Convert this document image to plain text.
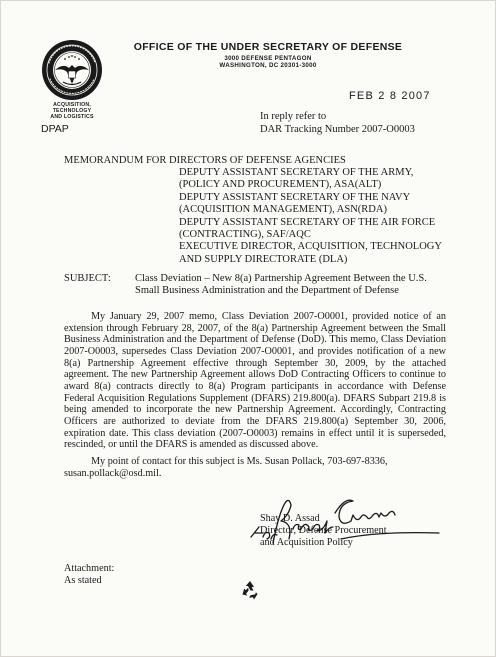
ACQUISITION,
TECHNOLOGY
AND LOGISTICS
DPAP
OFFICE OF THE UNDER SECRETARY OF DEFENSE
3000 DEFENSE PENTAGON
WASHINGTON, DC 20301-3000
FEB 2 8 2007
In reply refer to
DAR Tracking Number 2007-O0003
MEMORANDUM FOR DIRECTORS OF DEFENSE AGENCIES
DEPUTY ASSISTANT SECRETARY OF THE ARMY,
(POLICY AND PROCUREMENT), ASA(ALT)
DEPUTY ASSISTANT SECRETARY OF THE NAVY
(ACQUISITION MANAGEMENT), ASN(RDA)
DEPUTY ASSISTANT SECRETARY OF THE AIR FORCE
(CONTRACTING), SAF/AQC
EXECUTIVE DIRECTOR, ACQUISITION, TECHNOLOGY
AND SUPPLY DIRECTORATE (DLA)
SUBJECT: Class Deviation – New 8(a) Partnership Agreement Between the U.S. Small Business Administration and the Department of Defense
My January 29, 2007 memo, Class Deviation 2007-O0001, provided notice of an extension through February 28, 2007, of the 8(a) Partnership Agreement between the Small Business Administration and the Department of Defense (DoD). This memo, Class Deviation 2007-O0003, supersedes Class Deviation 2007-O0001, and provides notification of a new 8(a) Partnership Agreement effective through September 30, 2009, by the attached agreement. The new Partnership Agreement allows DoD Contracting Officers to continue to award 8(a) contracts directly to 8(a) Program participants in accordance with Defense Federal Acquisition Regulations Supplement (DFARS) 219.800(a). DFARS Subpart 219.8 is being amended to incorporate the new Partnership Agreement. Accordingly, Contracting Officers are authorized to deviate from the DFARS 219.800(a) September 30, 2006, expiration date. This class deviation (2007-O0003) remains in effect until it is superseded, rescinded, or until the DFARS is amended as discussed above.
My point of contact for this subject is Ms. Susan Pollack, 703-697-8336, susan.pollack@osd.mil.
Shay D. Assad
Director, Defense Procurement
and Acquisition Policy
Attachment:
As stated
